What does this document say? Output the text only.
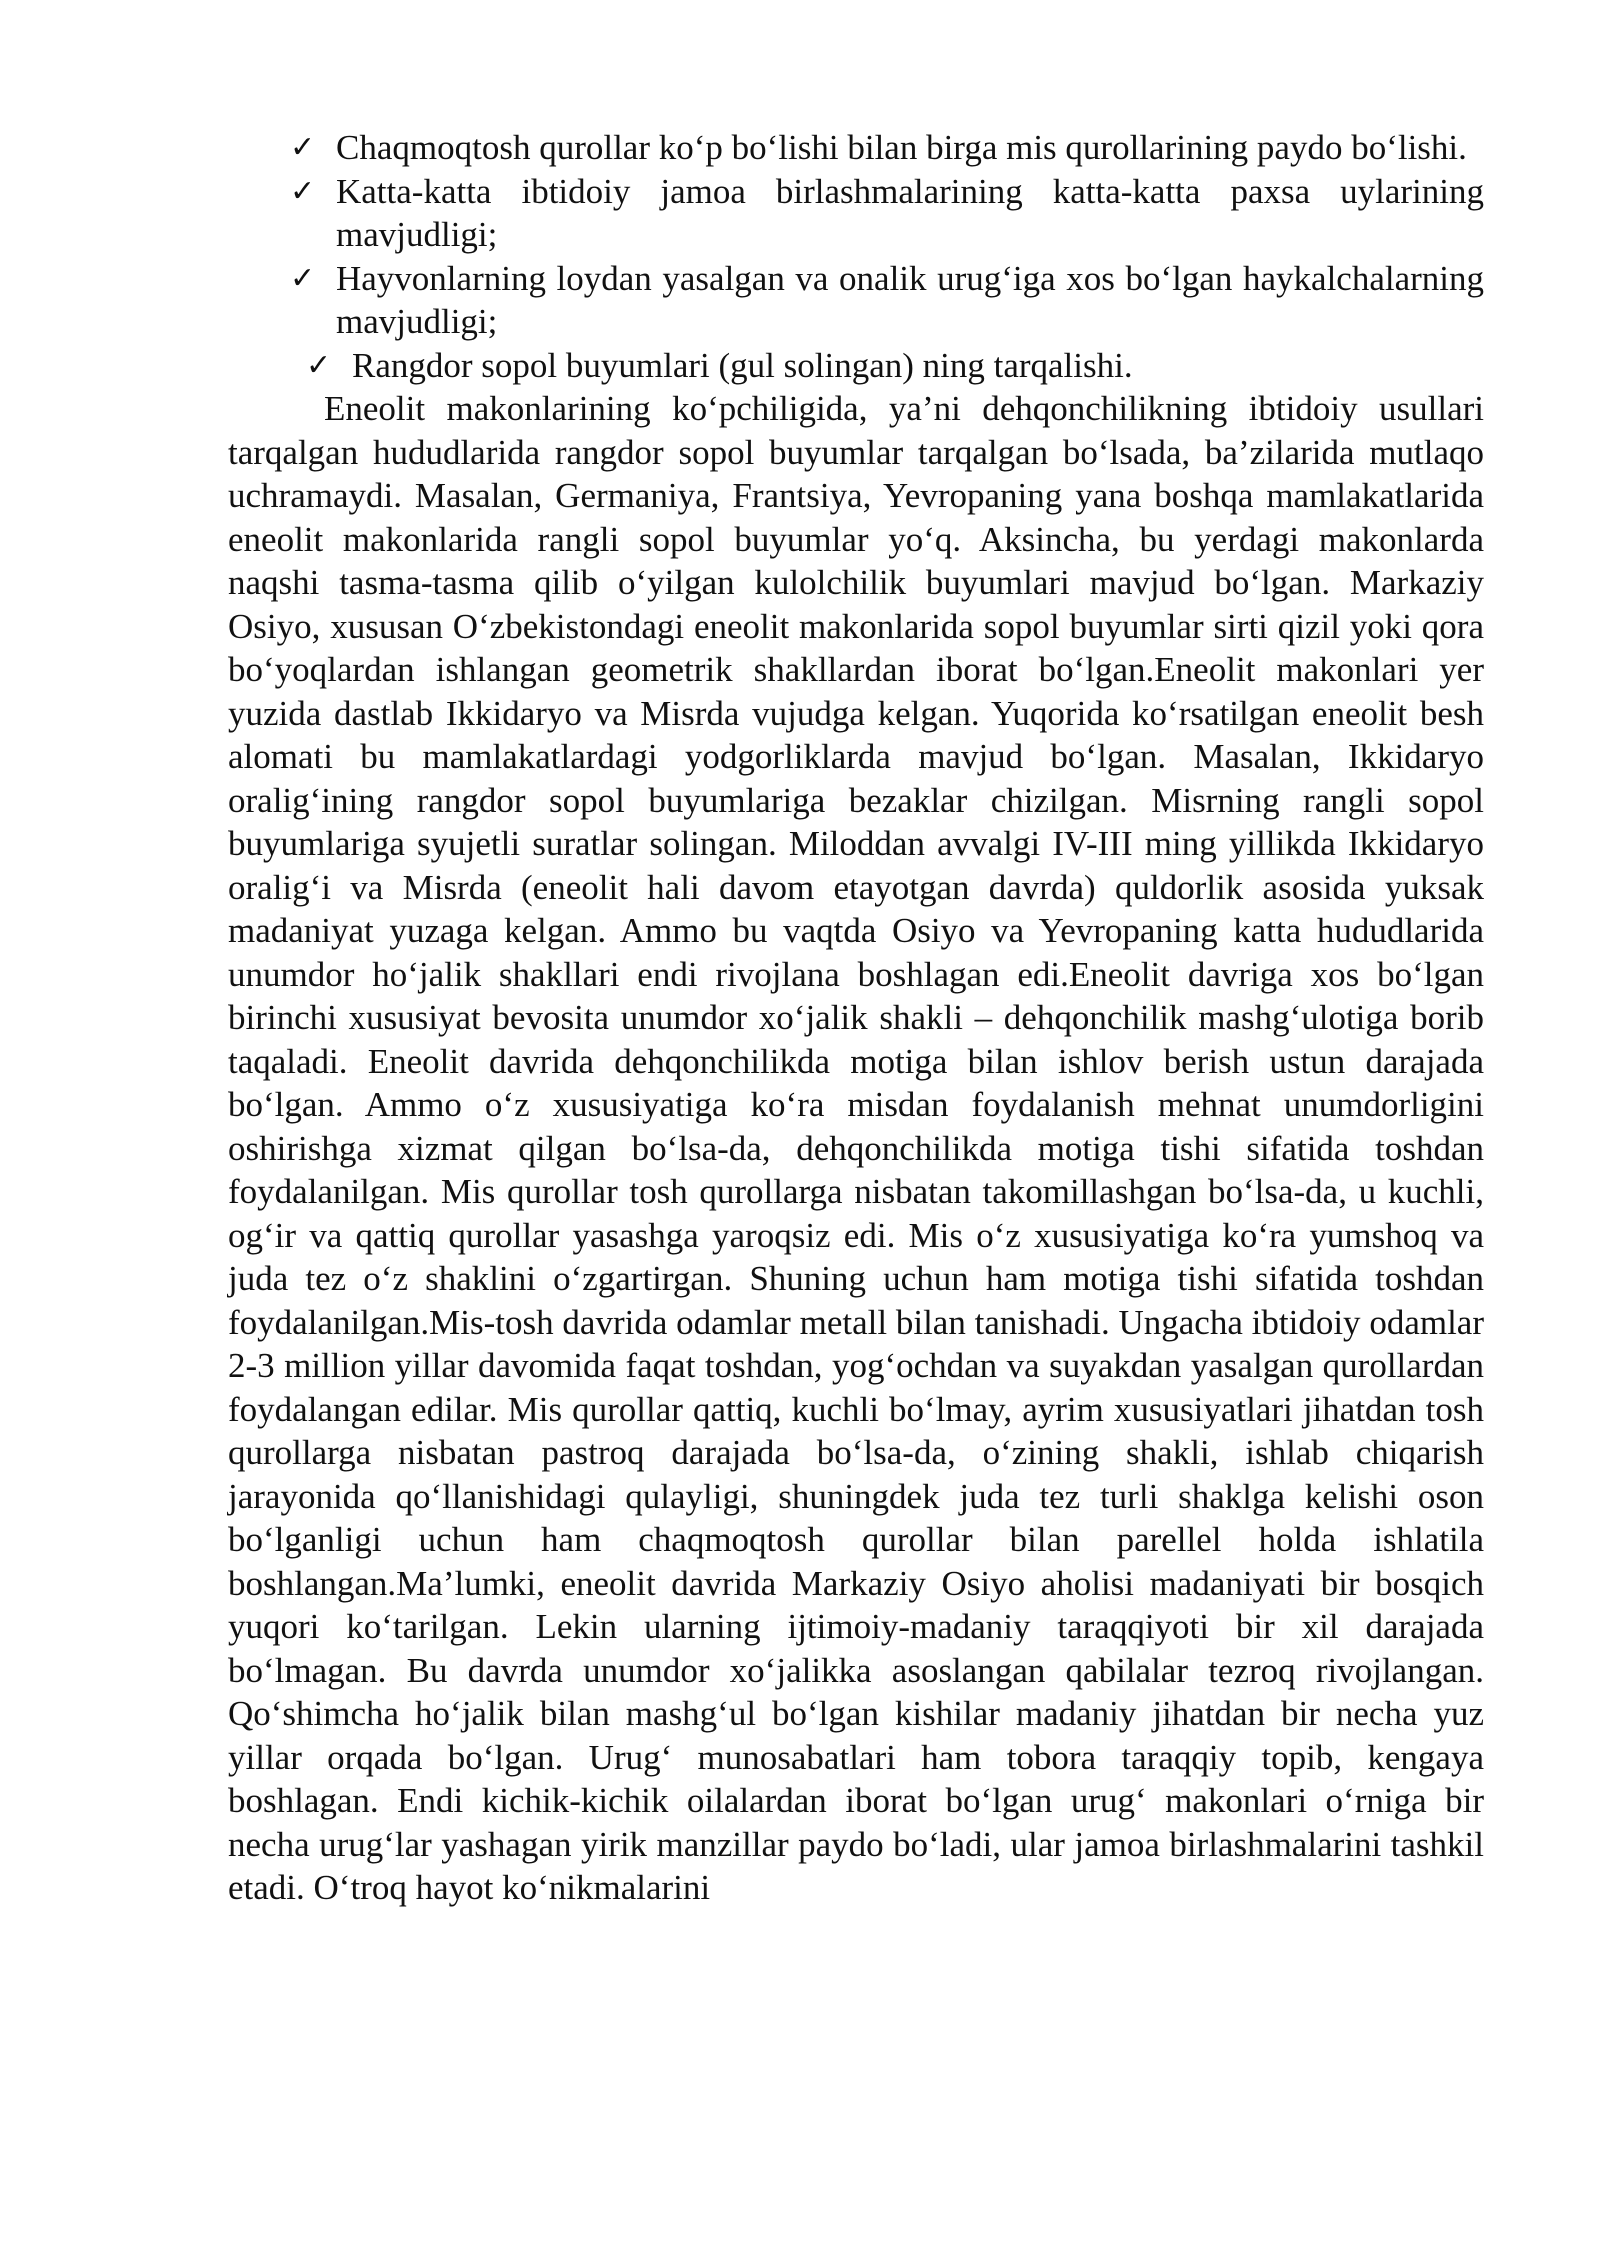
✓ Chaqmoqtosh qurollar ko‘p bo‘lishi bilan birga mis qurollarining paydo bo‘lishi.
✓ Katta-katta ibtidoiy jamoa birlashmalarining katta-katta paxsa uylarining mavjudligi;
✓ Hayvonlarning loydan yasalgan va onalik urug‘iga xos bo‘lgan haykalchalarning mavjudligi;
✓ Rangdor sopol buyumlari (gul solingan) ning tarqalishi.

Eneolit makonlarining ko‘pchiligida, ya’ni dehqonchilikning ibtidoiy usullari tarqalgan hududlarida rangdor sopol buyumlar tarqalgan bo‘lsada, ba’zilarida mutlaqo uchramaydi. Masalan, Germaniya, Frantsiya, Yevropaning yana boshqa mamlakatlarida eneolit makonlarida rangli sopol buyumlar yo‘q. Aksincha, bu yerdagi makonlarda naqshi tasma-tasma qilib o‘yilgan kulolchilik buyumlari mavjud bo‘lgan. Markaziy Osiyo, xususan O‘zbekistondagi eneolit makonlarida sopol buyumlar sirti qizil yoki qora bo‘yoqlardan ishlangan geometrik shakllardan iborat bo‘lgan.Eneolit makonlari yer yuzida dastlab Ikkidaryo va Misrda vujudga kelgan. Yuqorida ko‘rsatilgan eneolit besh alomati bu mamlakatlardagi yodgorliklarda mavjud bo‘lgan. Masalan, Ikkidaryo oralig‘ining rangdor sopol buyumlariga bezaklar chizilgan. Misrning rangli sopol buyumlariga syujetli suratlar solingan. Miloddan avvalgi IV-III ming yillikda Ikkidaryo oralig‘i va Misrda (eneolit hali davom etayotgan davrda) quldorlik asosida yuksak madaniyat yuzaga kelgan. Ammo bu vaqtda Osiyo va Yevropaning katta hududlarida unumdor ho‘jalik shakllari endi rivojlana boshlagan edi.Eneolit davriga xos bo‘lgan birinchi xususiyat bevosita unumdor xo‘jalik shakli – dehqonchilik mashg‘ulotiga borib taqaladi. Eneolit davrida dehqonchilikda motiga bilan ishlov berish ustun darajada bo‘lgan. Ammo o‘z xususiyatiga ko‘ra misdan foydalanish mehnat unumdorligini oshirishga xizmat qilgan bo‘lsa-da, dehqonchilikda motiga tishi sifatida toshdan foydalanilgan. Mis qurollar tosh qurollarga nisbatan takomillashgan bo‘lsa-da, u kuchli, og‘ir va qattiq qurollar yasashga yaroqsiz edi. Mis o‘z xususiyatiga ko‘ra yumshoq va juda tez o‘z shaklini o‘zgartirgan. Shuning uchun ham motiga tishi sifatida toshdan foydalanilgan.Mis-tosh davrida odamlar metall bilan tanishadi. Ungacha ibtidoiy odamlar 2-3 million yillar davomida faqat toshdan, yog‘ochdan va suyakdan yasalgan qurollardan foydalangan edilar. Mis qurollar qattiq, kuchli bo‘lmay, ayrim xususiyatlari jihatdan tosh qurollarga nisbatan pastroq darajada bo‘lsa-da, o‘zining shakli, ishlab chiqarish jarayonida qo‘llanishidagi qulayligi, shuningdek juda tez turli shaklga kelishi oson bo‘lganligi uchun ham chaqmoqtosh qurollar bilan parellel holda ishlatila boshlangan.Ma’lumki, eneolit davrida Markaziy Osiyo aholisi madaniyati bir bosqich yuqori ko‘tarilgan. Lekin ularning ijtimoiy-madaniy taraqqiyoti bir xil darajada bo‘lmagan. Bu davrda unumdor xo‘jalikka asoslangan qabilalar tezroq rivojlangan. Qo‘shimcha ho‘jalik bilan mashg‘ul bo‘lgan kishilar madaniy jihatdan bir necha yuz yillar orqada bo‘lgan. Urug‘ munosabatlari ham tobora taraqqiy topib, kengaya boshlagan. Endi kichik-kichik oilalardan iborat bo‘lgan urug‘ makonlari o‘rniga bir necha urug‘lar yashagan yirik manzillar paydo bo‘ladi, ular jamoa birlashmalarini tashkil etadi. O‘troq hayot ko‘nikmalarini
